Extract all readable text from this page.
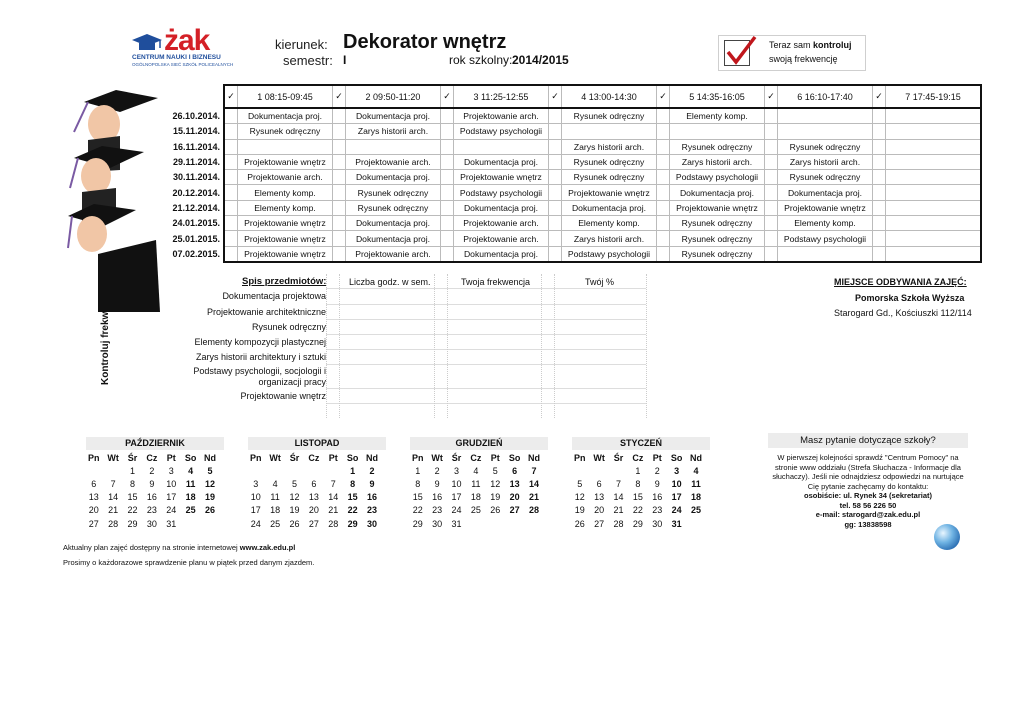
żak
CENTRUM NAUKI I BIZNESU
OGÓLNOPOLSKA SIEĆ SZKÓŁ POLICEALNYCH
kierunek: Dekorator wnętrz
semestr: I	rok szkolny: 2014/2015
Teraz sam kontroluj
swoją frekwencję
	✓	1 08:15-09:45	✓	2 09:50-11:20	✓	3 11:25-12:55	✓	4 13:00-14:30	✓	5 14:35-16:05	✓	6 16:10-17:40	✓	7 17:45-19:15
26.10.2014.		Dokumentacja proj.		Dokumentacja proj.		Projektowanie arch.		Rysunek odręczny		Elementy komp.				
15.11.2014.		Rysunek odręczny		Zarys historii arch.		Podstawy psychologii								
16.11.2014.								Zarys historii arch.		Rysunek odręczny		Rysunek odręczny		
29.11.2014.		Projektowanie wnętrz		Projektowanie arch.		Dokumentacja proj.		Rysunek odręczny		Zarys historii arch.		Zarys historii arch.		
30.11.2014.		Projektowanie arch.		Dokumentacja proj.		Projektowanie wnętrz		Rysunek odręczny		Podstawy psychologii		Rysunek odręczny		
20.12.2014.		Elementy komp.		Rysunek odręczny		Podstawy psychologii		Projektowanie wnętrz		Dokumentacja proj.		Dokumentacja proj.		
21.12.2014.		Elementy komp.		Rysunek odręczny		Dokumentacja proj.		Dokumentacja proj.		Projektowanie wnętrz		Projektowanie wnętrz		
24.01.2015.		Projektowanie wnętrz		Dokumentacja proj.		Projektowanie arch.		Elementy komp.		Rysunek odręczny		Elementy komp.		
25.01.2015.		Projektowanie wnętrz		Dokumentacja proj.		Projektowanie arch.		Zarys historii arch.		Rysunek odręczny		Podstawy psychologii		
07.02.2015.		Projektowanie wnętrz		Projektowanie arch.		Dokumentacja proj.		Podstawy psychologii		Rysunek odręczny				
Spis przedmiotów:	Liczba godz. w sem.	Twoja frekwencja	Twój %
Dokumentacja projektowa
Projektowanie architektniczne
Rysunek odręczny
Elementy kompozycji plastycznej
Zarys historii architektury i sztuki
Podstawy psychologii, socjologii i organizacji pracy
Projektowanie wnętrz
Kontroluj frekw
MIEJSCE ODBYWANIA ZAJĘĆ:
Pomorska Szkoła Wyższa
Starogard Gd., Kościuszki 112/114
PAŹDZIERNIK
Pn	Wt	Śr	Cz	Pt	So	Nd
		1	2	3	4	5
6	7	8	9	10	11	12
13	14	15	16	17	18	19
20	21	22	23	24	25	26
27	28	29	30	31		
LISTOPAD
Pn	Wt	Śr	Cz	Pt	So	Nd
					1	2
3	4	5	6	7	8	9
10	11	12	13	14	15	16
17	18	19	20	21	22	23
24	25	26	27	28	29	30
GRUDZIEŃ
Pn	Wt	Śr	Cz	Pt	So	Nd
1	2	3	4	5	6	7
8	9	10	11	12	13	14
15	16	17	18	19	20	21
22	23	24	25	26	27	28
29	30	31				
STYCZEŃ
Pn	Wt	Śr	Cz	Pt	So	Nd
			1	2	3	4
5	6	7	8	9	10	11
12	13	14	15	16	17	18
19	20	21	22	23	24	25
26	27	28	29	30	31	
Masz pytanie dotyczące szkoły?
W pierwszej kolejności sprawdź "Centrum Pomocy" na
stronie www oddziału (Strefa Słuchacza - Informacje dla
słuchaczy). Jeśli nie odnajdziesz odpowiedzi na nurtujące
Cię pytanie zachęcamy do kontaktu:
osobiście: ul. Rynek 34 (sekretariat)
tel. 58 56 226 50
e-mail: starogard@zak.edu.pl
gg: 13838598
Aktualny plan zajęć dostępny na stronie internetowej www.zak.edu.pl
Prosimy o każdorazowe sprawdzenie planu w piątek przed danym zjazdem.
